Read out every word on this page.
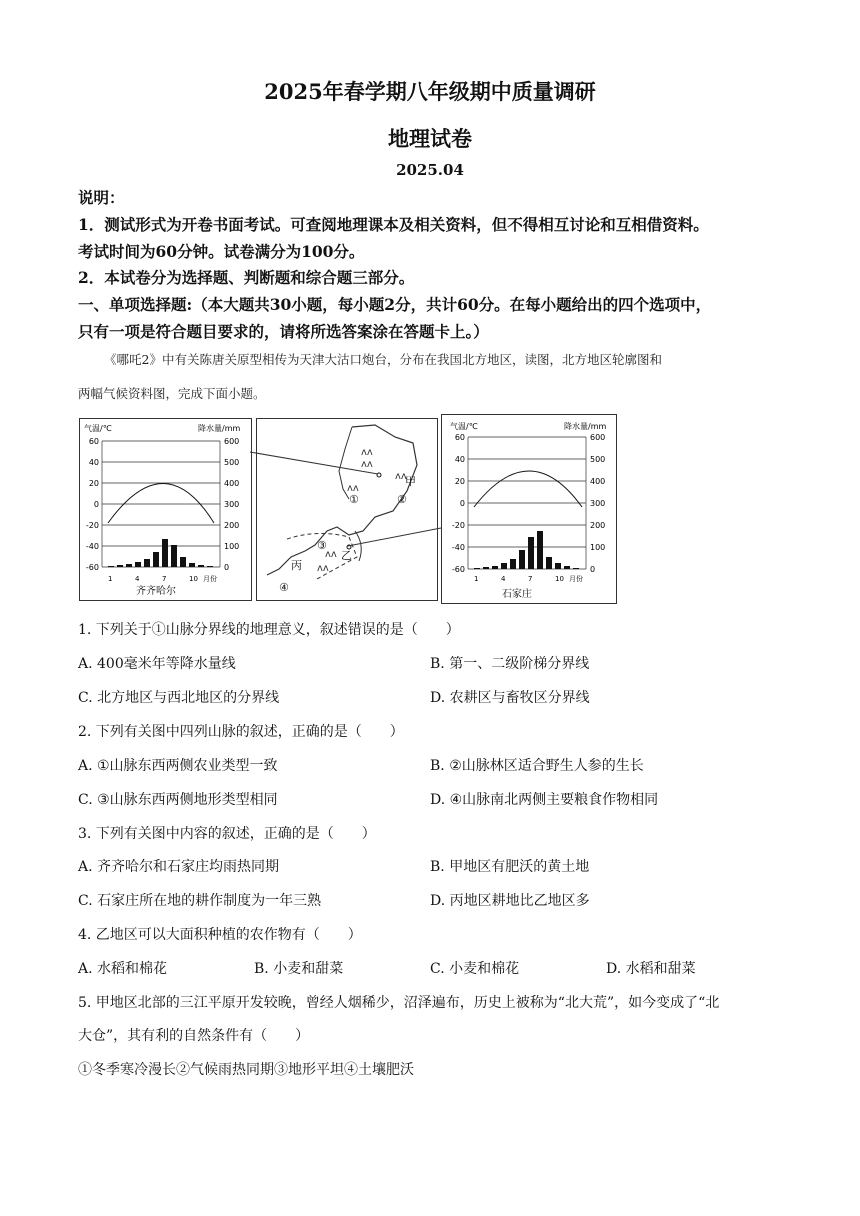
2025年春学期八年级期中质量调研
地理试卷
2025.04
说明：
1．测试形式为开卷书面考试。可查阅地理课本及相关资料，但不得相互讨论和互相借资料。
考试时间为60分钟。试卷满分为100分。
2．本试卷分为选择题、判断题和综合题三部分。
一、单项选择题:（本大题共30小题，每小题2分，共计60分。在每小题给出的四个选项中，
只有一项是符合题目要求的，请将所选答案涂在答题卡上。）
《哪吒2》中有关陈唐关原型相传为天津大沽口炮台，分布在我国北方地区，读图，北方地区轮廓图和
两幅气候资料图，完成下面小题。
气温/℃	降水量/mm
60
40
20
0
-20
-40
-60
600
500
400
300
200
100
0
1	4	7	10 月份
齐齐哈尔
ʌʌ
ʌʌ
ʌʌ
ʌʌ
ʌʌ
ʌʌ
①	②
③
④
甲
乙
丙
气温/℃	降水量/mm
60
40
20
0
-20
-40
-60
600
500
400
300
200
100
0
1	4	7	10 月份
石家庄
1. 下列关于①山脉分界线的地理意义，叙述错误的是（　　）
A. 400毫米年等降水量线	B. 第一、二级阶梯分界线
C. 北方地区与西北地区的分界线	D. 农耕区与畜牧区分界线
2. 下列有关图中四列山脉的叙述，正确的是（　　）
A. ①山脉东西两侧农业类型一致	B. ②山脉林区适合野生人参的生长
C. ③山脉东西两侧地形类型相同	D. ④山脉南北两侧主要粮食作物相同
3. 下列有关图中内容的叙述，正确的是（　　）
A. 齐齐哈尔和石家庄均雨热同期	B. 甲地区有肥沃的黄土地
C. 石家庄所在地的耕作制度为一年三熟	D. 丙地区耕地比乙地区多
4. 乙地区可以大面积种植的农作物有（　　）
A. 水稻和棉花	B. 小麦和甜菜	C. 小麦和棉花	D. 水稻和甜菜
5. 甲地区北部的三江平原开发较晚，曾经人烟稀少，沼泽遍布，历史上被称为“北大荒”，如今变成了“北
大仓”，其有利的自然条件有（　　）
①冬季寒冷漫长②气候雨热同期③地形平坦④土壤肥沃
